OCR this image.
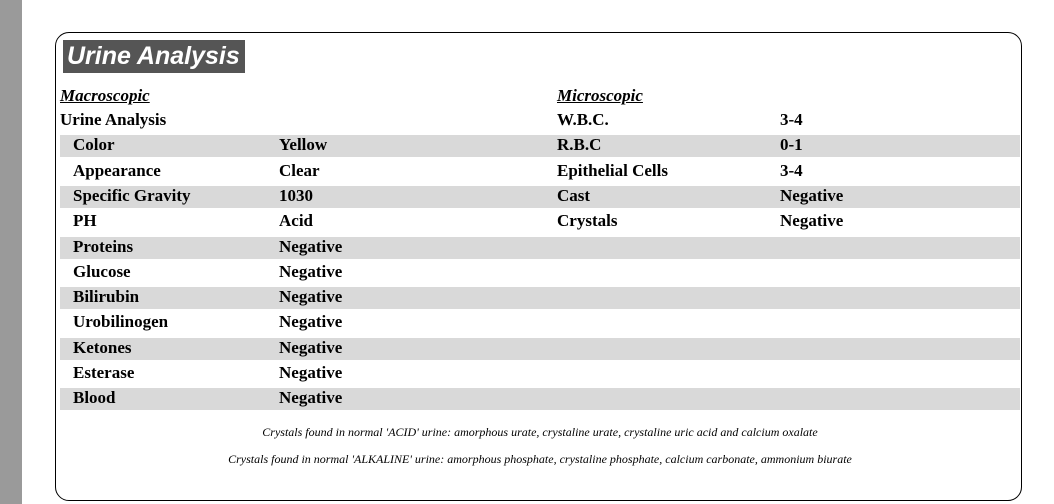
Urine Analysis
Macroscopic	Microscopic
Urine Analysis
Color	Yellow
Appearance	Clear
Specific Gravity	1030
PH	Acid
Proteins	Negative
Glucose	Negative
Bilirubin	Negative
Urobilinogen	Negative
Ketones	Negative
Esterase	Negative
Blood	Negative
W.B.C.	3-4
R.B.C	0-1
Epithelial Cells	3-4
Cast	Negative
Crystals	Negative
Crystals found in normal 'ACID' urine: amorphous urate, crystaline urate, crystaline uric acid and calcium oxalate
Crystals found in normal 'ALKALINE' urine: amorphous phosphate, crystaline phosphate, calcium carbonate, ammonium biurate
